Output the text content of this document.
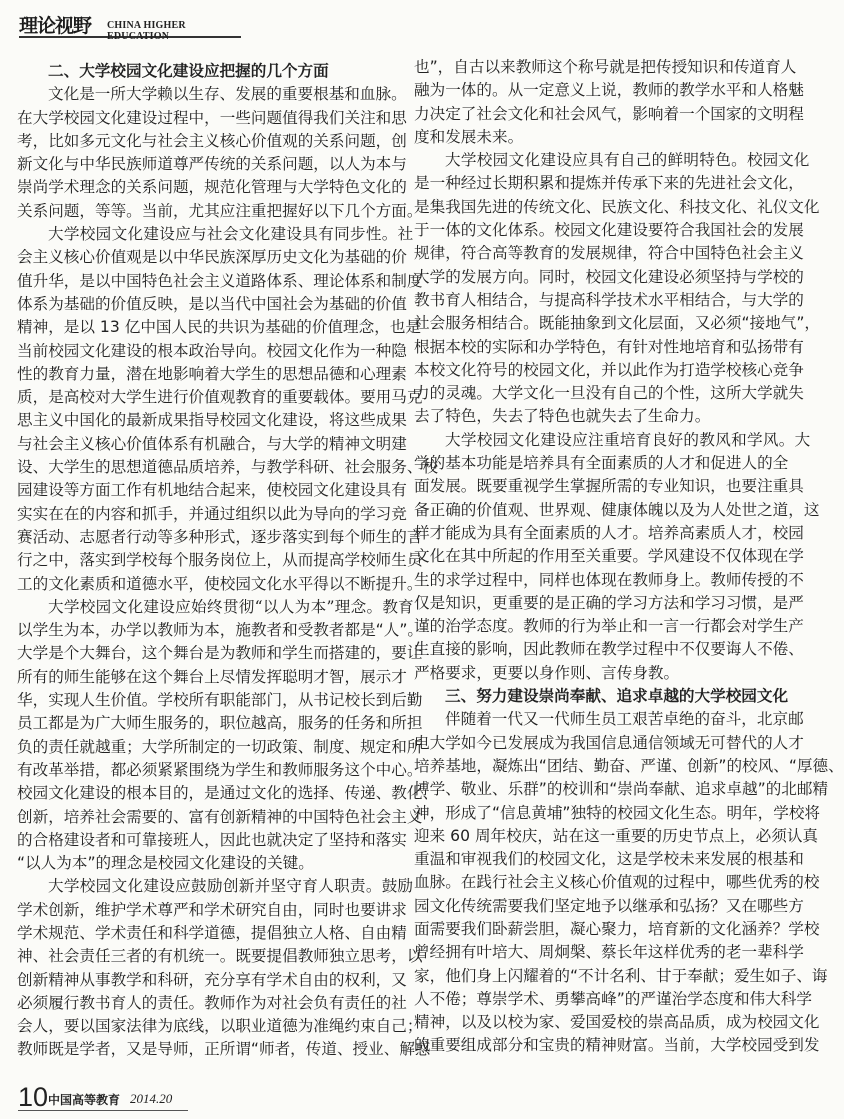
理论视野 CHINA HIGHER EDUCATION
二、大学校园文化建设应把握的几个方面
文化是一所大学赖以生存、发展的重要根基和血脉。
在大学校园文化建设过程中，一些问题值得我们关注和思
考，比如多元文化与社会主义核心价值观的关系问题，创
新文化与中华民族师道尊严传统的关系问题，以人为本与
崇尚学术理念的关系问题，规范化管理与大学特色文化的
关系问题，等等。当前，尤其应注重把握好以下几个方面。
大学校园文化建设应与社会文化建设具有同步性。社
会主义核心价值观是以中华民族深厚历史文化为基础的价
值升华，是以中国特色社会主义道路体系、理论体系和制度
体系为基础的价值反映，是以当代中国社会为基础的价值
精神，是以 13 亿中国人民的共识为基础的价值理念，也是
当前校园文化建设的根本政治导向。校园文化作为一种隐
性的教育力量，潜在地影响着大学生的思想品德和心理素
质，是高校对大学生进行价值观教育的重要载体。要用马克
思主义中国化的最新成果指导校园文化建设，将这些成果
与社会主义核心价值体系有机融合，与大学的精神文明建
设、大学生的思想道德品质培养，与教学科研、社会服务、校
园建设等方面工作有机地结合起来，使校园文化建设具有
实实在在的内容和抓手，并通过组织以此为导向的学习竞
赛活动、志愿者行动等多种形式，逐步落实到每个师生的言
行之中，落实到学校每个服务岗位上，从而提高学校师生员
工的文化素质和道德水平，使校园文化水平得以不断提升。
大学校园文化建设应始终贯彻“以人为本”理念。教育
以学生为本，办学以教师为本，施教者和受教者都是“人”。
大学是个大舞台，这个舞台是为教师和学生而搭建的，要让
所有的师生能够在这个舞台上尽情发挥聪明才智，展示才
华，实现人生价值。学校所有职能部门，从书记校长到后勤
员工都是为广大师生服务的，职位越高，服务的任务和所担
负的责任就越重；大学所制定的一切政策、制度、规定和所
有改革举措，都必须紧紧围绕为学生和教师服务这个中心。
校园文化建设的根本目的，是通过文化的选择、传递、教化、
创新，培养社会需要的、富有创新精神的中国特色社会主义
的合格建设者和可靠接班人，因此也就决定了坚持和落实
“以人为本”的理念是校园文化建设的关键。
大学校园文化建设应鼓励创新并坚守育人职责。鼓励
学术创新，维护学术尊严和学术研究自由，同时也要讲求
学术规范、学术责任和科学道德，提倡独立人格、自由精
神、社会责任三者的有机统一。既要提倡教师独立思考，以
创新精神从事教学和科研，充分享有学术自由的权利，又
必须履行教书育人的责任。教师作为对社会负有责任的社
会人，要以国家法律为底线，以职业道德为准绳约束自己；
教师既是学者，又是导师，正所谓“师者，传道、授业、解惑
也”，自古以来教师这个称号就是把传授知识和传道育人
融为一体的。从一定意义上说，教师的教学水平和人格魅
力决定了社会文化和社会风气，影响着一个国家的文明程
度和发展未来。
大学校园文化建设应具有自己的鲜明特色。校园文化
是一种经过长期积累和提炼并传承下来的先进社会文化，
是集我国先进的传统文化、民族文化、科技文化、礼仪文化
于一体的文化体系。校园文化建设要符合我国社会的发展
规律，符合高等教育的发展规律，符合中国特色社会主义
大学的发展方向。同时，校园文化建设必须坚持与学校的
教书育人相结合，与提高科学技术水平相结合，与大学的
社会服务相结合。既能抽象到文化层面，又必须“接地气”，
根据本校的实际和办学特色，有针对性地培育和弘扬带有
本校文化符号的校园文化，并以此作为打造学校核心竞争
力的灵魂。大学文化一旦没有自己的个性，这所大学就失
去了特色，失去了特色也就失去了生命力。
大学校园文化建设应注重培育良好的教风和学风。大
学的基本功能是培养具有全面素质的人才和促进人的全
面发展。既要重视学生掌握所需的专业知识，也要注重具
备正确的价值观、世界观、健康体魄以及为人处世之道，这
样才能成为具有全面素质的人才。培养高素质人才，校园
文化在其中所起的作用至关重要。学风建设不仅体现在学
生的求学过程中，同样也体现在教师身上。教师传授的不
仅是知识，更重要的是正确的学习方法和学习习惯，是严
谨的治学态度。教师的行为举止和一言一行都会对学生产
生直接的影响，因此教师在教学过程中不仅要诲人不倦、
严格要求，更要以身作则、言传身教。
三、努力建设崇尚奉献、追求卓越的大学校园文化
伴随着一代又一代师生员工艰苦卓绝的奋斗，北京邮
电大学如今已发展成为我国信息通信领域无可替代的人才
培养基地，凝炼出“团结、勤奋、严谨、创新”的校风、“厚德、
博学、敬业、乐群”的校训和“崇尚奉献、追求卓越”的北邮精
神，形成了“信息黄埔”独特的校园文化生态。明年，学校将
迎来 60 周年校庆，站在这一重要的历史节点上，必须认真
重温和审视我们的校园文化，这是学校未来发展的根基和
血脉。在践行社会主义核心价值观的过程中，哪些优秀的校
园文化传统需要我们坚定地予以继承和弘扬？又在哪些方
面需要我们卧薪尝胆，凝心聚力，培育新的文化涵养？学校
曾经拥有叶培大、周炯槃、蔡长年这样优秀的老一辈科学
家，他们身上闪耀着的“不计名利、甘于奉献；爱生如子、诲
人不倦；尊崇学术、勇攀高峰”的严谨治学态度和伟大科学
精神，以及以校为家、爱国爱校的崇高品质，成为校园文化
的重要组成部分和宝贵的精神财富。当前，大学校园受到发
10 中国高等教育 2014.20
